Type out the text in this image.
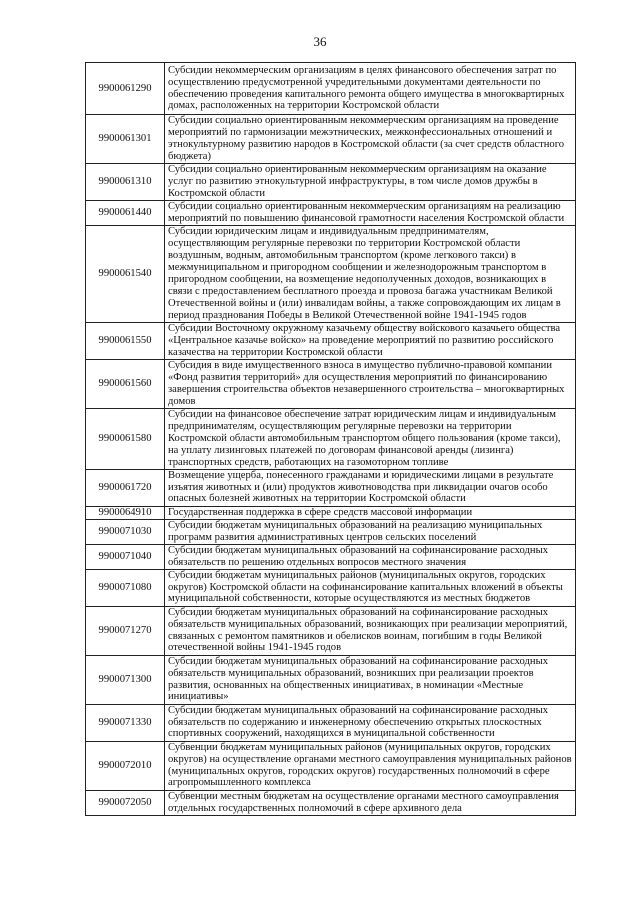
36
9900061290	Субсидии некоммерческим организациям в целях финансового обеспечения затрат по осуществлению предусмотренной учредительными документами деятельности по обеспечению проведения капитального ремонта общего имущества в многоквартирных домах, расположенных на территории Костромской области
9900061301	Субсидии социально ориентированным некоммерческим организациям на проведение мероприятий по гармонизации межэтнических, межконфессиональных отношений и этнокультурному развитию народов в Костромской области (за счет средств областного бюджета)
9900061310	Субсидии социально ориентированным некоммерческим организациям на оказание услуг по развитию этнокультурной инфраструктуры, в том числе домов дружбы в Костромской области
9900061440	Субсидии социально ориентированным некоммерческим организациям на реализацию мероприятий по повышению финансовой грамотности населения Костромской области
9900061540	Субсидии юридическим лицам и индивидуальным предпринимателям, осуществляющим регулярные перевозки по территории Костромской области воздушным, водным, автомобильным транспортом (кроме легкового такси) в межмуниципальном и пригородном сообщении и железнодорожным транспортом в пригородном сообщении, на возмещение недополученных доходов, возникающих в связи с предоставлением бесплатного проезда и провоза багажа участникам Великой Отечественной войны и (или) инвалидам войны, а также сопровождающим их лицам в период празднования Победы в Великой Отечественной войне 1941-1945 годов
9900061550	Субсидии Восточному окружному казачьему обществу войскового казачьего общества «Центральное казачье войско» на проведение мероприятий по развитию российского казачества на территории Костромской области
9900061560	Субсидия в виде имущественного взноса в имущество публично-правовой компании «Фонд развития территорий» для осуществления мероприятий по финансированию завершения строительства объектов незавершенного строительства – многоквартирных домов
9900061580	Субсидии на финансовое обеспечение затрат юридическим лицам и индивидуальным предпринимателям, осуществляющим регулярные перевозки на территории Костромской области автомобильным транспортом общего пользования (кроме такси), на уплату лизинговых платежей по договорам финансовой аренды (лизинга) транспортных средств, работающих на газомоторном топливе
9900061720	Возмещение ущерба, понесенного гражданами и юридическими лицами в результате изъятия животных и (или) продуктов животноводства при ликвидации очагов особо опасных болезней животных на территории Костромской области
9900064910	Государственная поддержка в сфере средств массовой информации
9900071030	Субсидии бюджетам муниципальных образований на реализацию муниципальных программ развития административных центров сельских поселений
9900071040	Субсидии бюджетам муниципальных образований на софинансирование расходных обязательств по решению отдельных вопросов местного значения
9900071080	Субсидии бюджетам муниципальных районов (муниципальных округов, городских округов) Костромской области на софинансирование капитальных вложений в объекты муниципальной собственности, которые осуществляются из местных бюджетов
9900071270	Субсидии бюджетам муниципальных образований на софинансирование расходных обязательств муниципальных образований, возникающих при реализации мероприятий, связанных с ремонтом памятников и обелисков воинам, погибшим в годы Великой отечественной войны 1941-1945 годов
9900071300	Субсидии бюджетам муниципальных образований на софинансирование расходных обязательств муниципальных образований, возникших при реализации проектов развития, основанных на общественных инициативах, в номинации «Местные инициативы»
9900071330	Субсидии бюджетам муниципальных образований на софинансирование расходных обязательств по содержанию и инженерному обеспечению открытых плоскостных спортивных сооружений, находящихся в муниципальной собственности
9900072010	Субвенции бюджетам муниципальных районов (муниципальных округов, городских округов) на осуществление органами местного самоуправления муниципальных районов (муниципальных округов, городских округов) государственных полномочий в сфере агропромышленного комплекса
9900072050	Субвенции местным бюджетам на осуществление органами местного самоуправления отдельных государственных полномочий в сфере архивного дела
